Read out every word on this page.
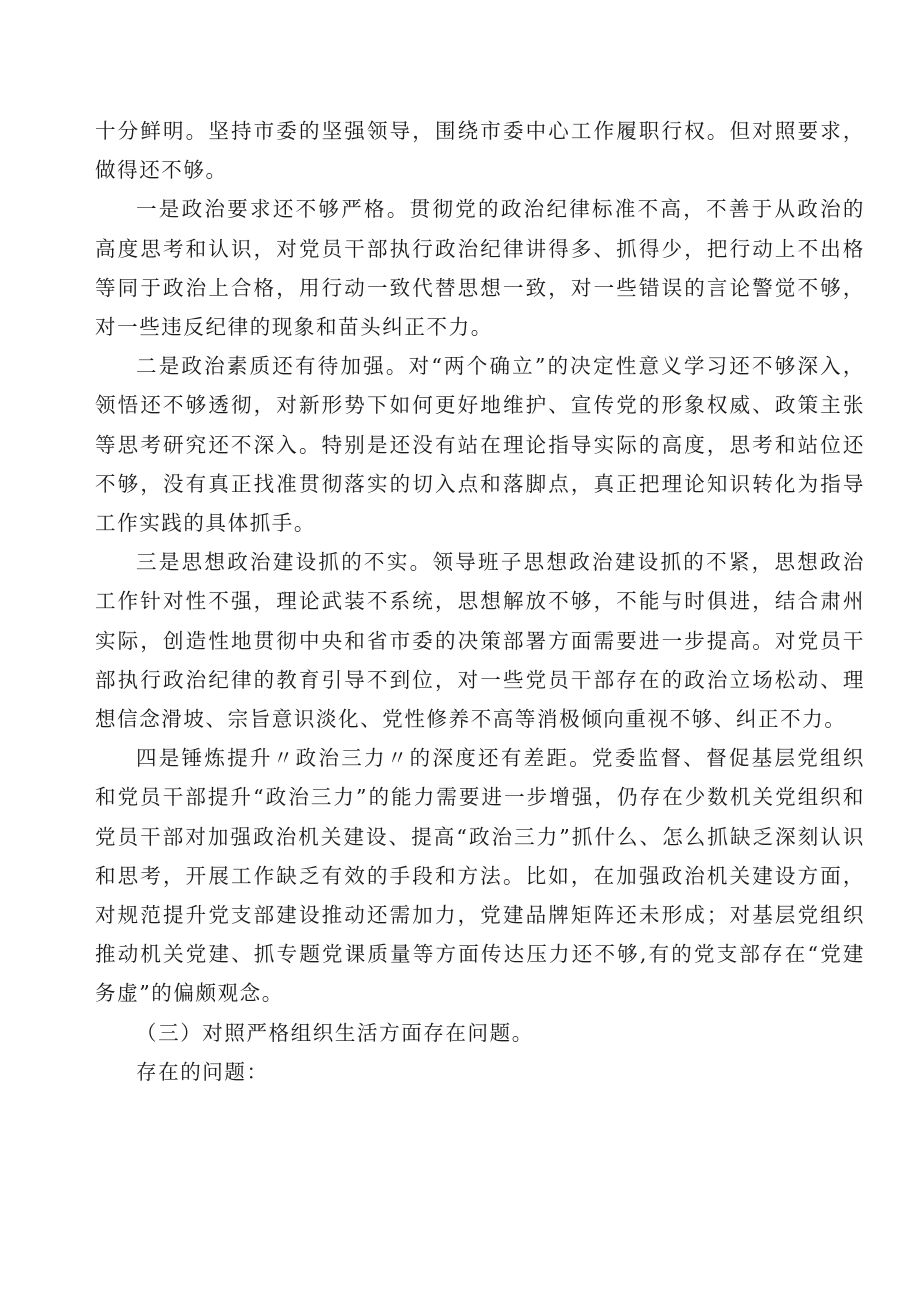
十分鲜明。坚持市委的坚强领导，围绕市委中心工作履职行权。但对照要求，做得还不够。

一是政治要求还不够严格。贯彻党的政治纪律标准不高，不善于从政治的高度思考和认识，对党员干部执行政治纪律讲得多、抓得少，把行动上不出格等同于政治上合格，用行动一致代替思想一致，对一些错误的言论警觉不够，对一些违反纪律的现象和苗头纠正不力。

二是政治素质还有待加强。对“两个确立”的决定性意义学习还不够深入，领悟还不够透彻，对新形势下如何更好地维护、宣传党的形象权威、政策主张等思考研究还不深入。特别是还没有站在理论指导实际的高度，思考和站位还不够，没有真正找准贯彻落实的切入点和落脚点，真正把理论知识转化为指导工作实践的具体抓手。

三是思想政治建设抓的不实。领导班子思想政治建设抓的不紧，思想政治工作针对性不强，理论武装不系统，思想解放不够，不能与时俱进，结合肃州实际，创造性地贯彻中央和省市委的决策部署方面需要进一步提高。对党员干部执行政治纪律的教育引导不到位，对一些党员干部存在的政治立场松动、理想信念滑坡、宗旨意识淡化、党性修养不高等消极倾向重视不够、纠正不力。

四是锤炼提升〃政治三力〃的深度还有差距。党委监督、督促基层党组织和党员干部提升“政治三力”的能力需要进一步增强，仍存在少数机关党组织和党员干部对加强政治机关建设、提高“政治三力”抓什么、怎么抓缺乏深刻认识和思考，开展工作缺乏有效的手段和方法。比如，在加强政治机关建设方面，对规范提升党支部建设推动还需加力，党建品牌矩阵还未形成；对基层党组织推动机关党建、抓专题党课质量等方面传达压力还不够,有的党支部存在“党建务虚”的偏颇观念。

（三）对照严格组织生活方面存在问题。

存在的问题：
